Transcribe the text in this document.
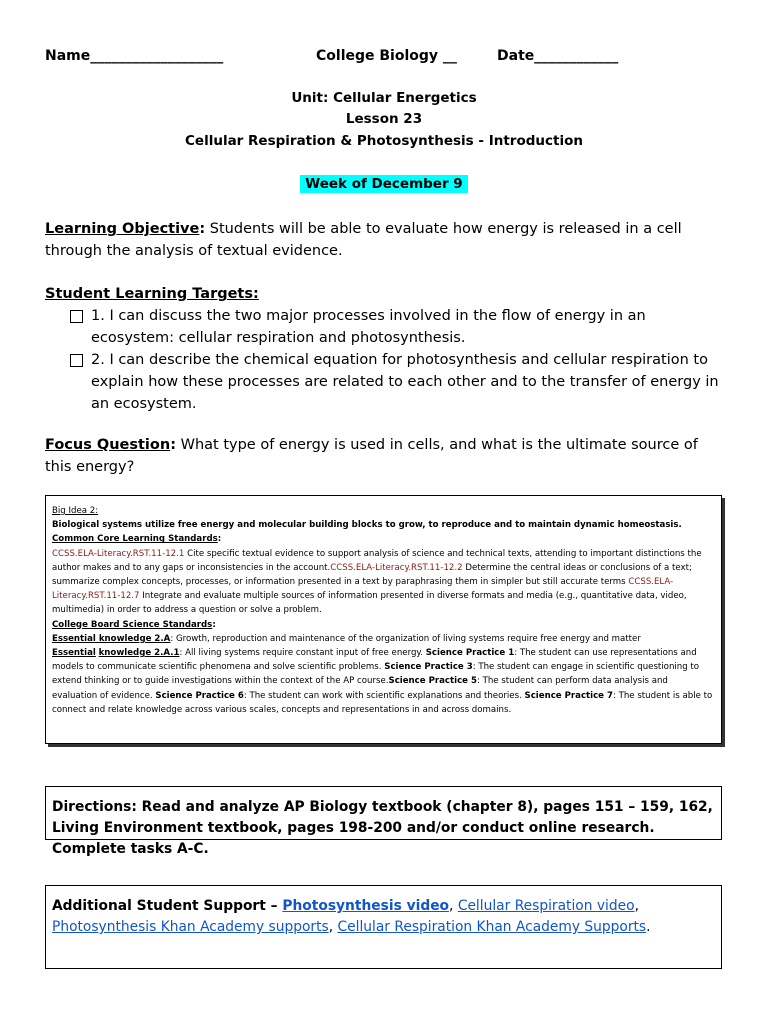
Name___________________	College Biology __	Date____________
Unit: Cellular Energetics
Lesson 23
Cellular Respiration & Photosynthesis - Introduction
Week of December 9
Learning Objective: Students will be able to evaluate how energy is released in a cell through the analysis of textual evidence.
Student Learning Targets:
1. I can discuss the two major processes involved in the flow of energy in an ecosystem: cellular respiration and photosynthesis.
2. I can describe the chemical equation for photosynthesis and cellular respiration to explain how these processes are related to each other and to the transfer of energy in an ecosystem.
Focus Question: What type of energy is used in cells, and what is the ultimate source of this energy?
Big Idea 2:
Biological systems utilize free energy and molecular building blocks to grow, to reproduce and to maintain dynamic homeostasis.
Common Core Learning Standards:
CCSS.ELA-Literacy.RST.11-12.1 Cite specific textual evidence to support analysis of science and technical texts, attending to important distinctions the author makes and to any gaps or inconsistencies in the account.CCSS.ELA-Literacy.RST.11-12.2 Determine the central ideas or conclusions of a text; summarize complex concepts, processes, or information presented in a text by paraphrasing them in simpler but still accurate terms CCSS.ELA-Literacy.RST.11-12.7 Integrate and evaluate multiple sources of information presented in diverse formats and media (e.g., quantitative data, video, multimedia) in order to address a question or solve a problem.
College Board Science Standards:
Essential knowledge 2.A: Growth, reproduction and maintenance of the organization of living systems require free energy and matter
Essential knowledge 2.A.1: All living systems require constant input of free energy. Science Practice 1: The student can use representations and models to communicate scientific phenomena and solve scientific problems. Science Practice 3: The student can engage in scientific questioning to extend thinking or to guide investigations within the context of the AP course.Science Practice 5: The student can perform data analysis and evaluation of evidence. Science Practice 6: The student can work with scientific explanations and theories. Science Practice 7: The student is able to connect and relate knowledge across various scales, concepts and representations in and across domains.
Directions: Read and analyze AP Biology textbook (chapter 8), pages 151 – 159, 162, Living Environment textbook, pages 198-200 and/or conduct online research. Complete tasks A-C.
Additional Student Support – Photosynthesis video, Cellular Respiration video,
Photosynthesis Khan Academy supports, Cellular Respiration Khan Academy Supports.
